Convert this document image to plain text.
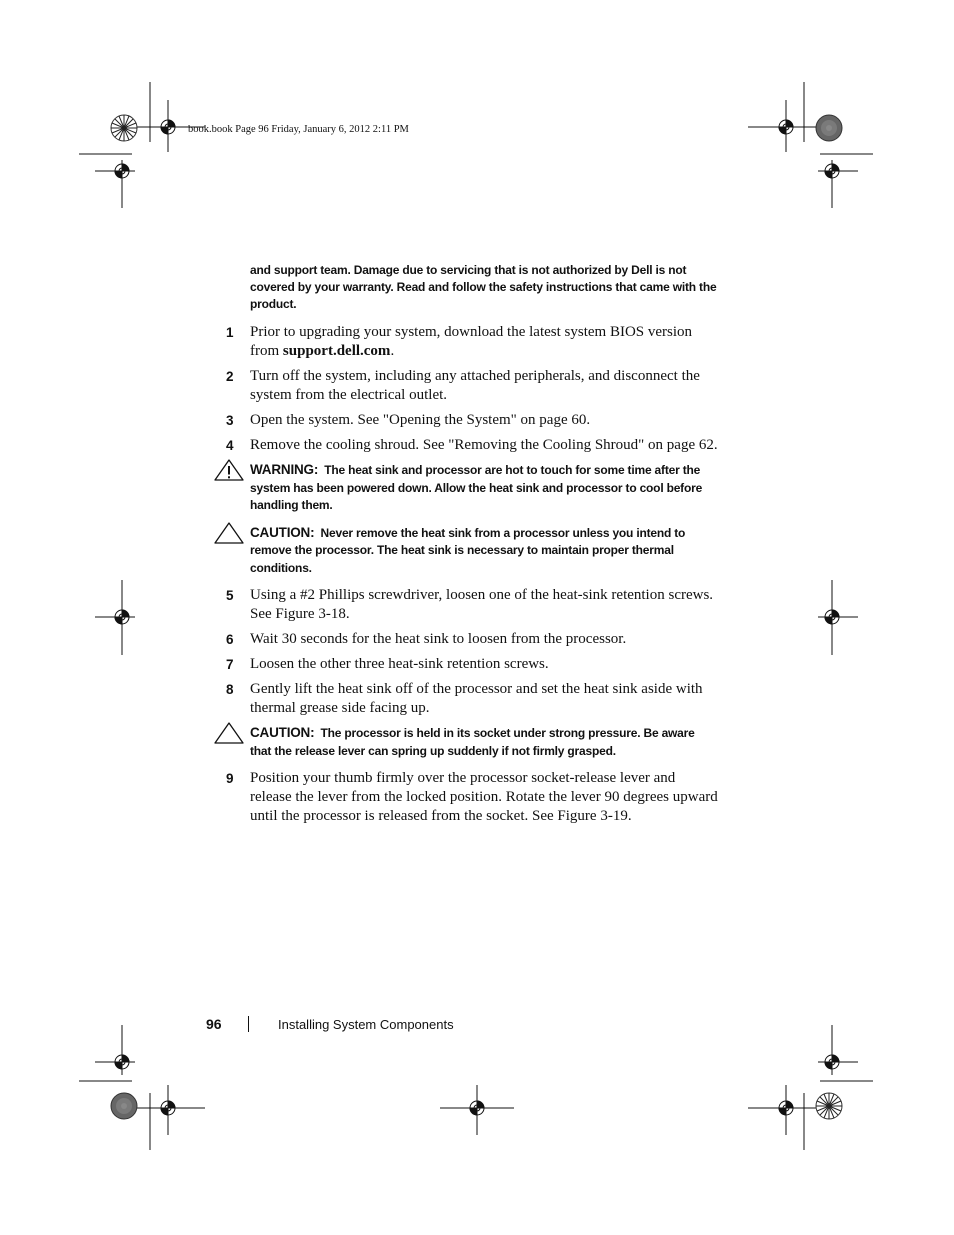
book.book Page 96 Friday, January 6, 2012 2:11 PM

and support team. Damage due to servicing that is not authorized by Dell is not covered by your warranty. Read and follow the safety instructions that came with the product.

1 Prior to upgrading your system, download the latest system BIOS version from support.dell.com.
2 Turn off the system, including any attached peripherals, and disconnect the system from the electrical outlet.
3 Open the system. See "Opening the System" on page 60.
4 Remove the cooling shroud. See "Removing the Cooling Shroud" on page 62.
WARNING: The heat sink and processor are hot to touch for some time after the system has been powered down. Allow the heat sink and processor to cool before handling them.
CAUTION: Never remove the heat sink from a processor unless you intend to remove the processor. The heat sink is necessary to maintain proper thermal conditions.
5 Using a #2 Phillips screwdriver, loosen one of the heat-sink retention screws. See Figure 3-18.
6 Wait 30 seconds for the heat sink to loosen from the processor.
7 Loosen the other three heat-sink retention screws.
8 Gently lift the heat sink off of the processor and set the heat sink aside with thermal grease side facing up.
CAUTION: The processor is held in its socket under strong pressure. Be aware that the release lever can spring up suddenly if not firmly grasped.
9 Position your thumb firmly over the processor socket-release lever and release the lever from the locked position. Rotate the lever 90 degrees upward until the processor is released from the socket. See Figure 3-19.
96	Installing System Components
